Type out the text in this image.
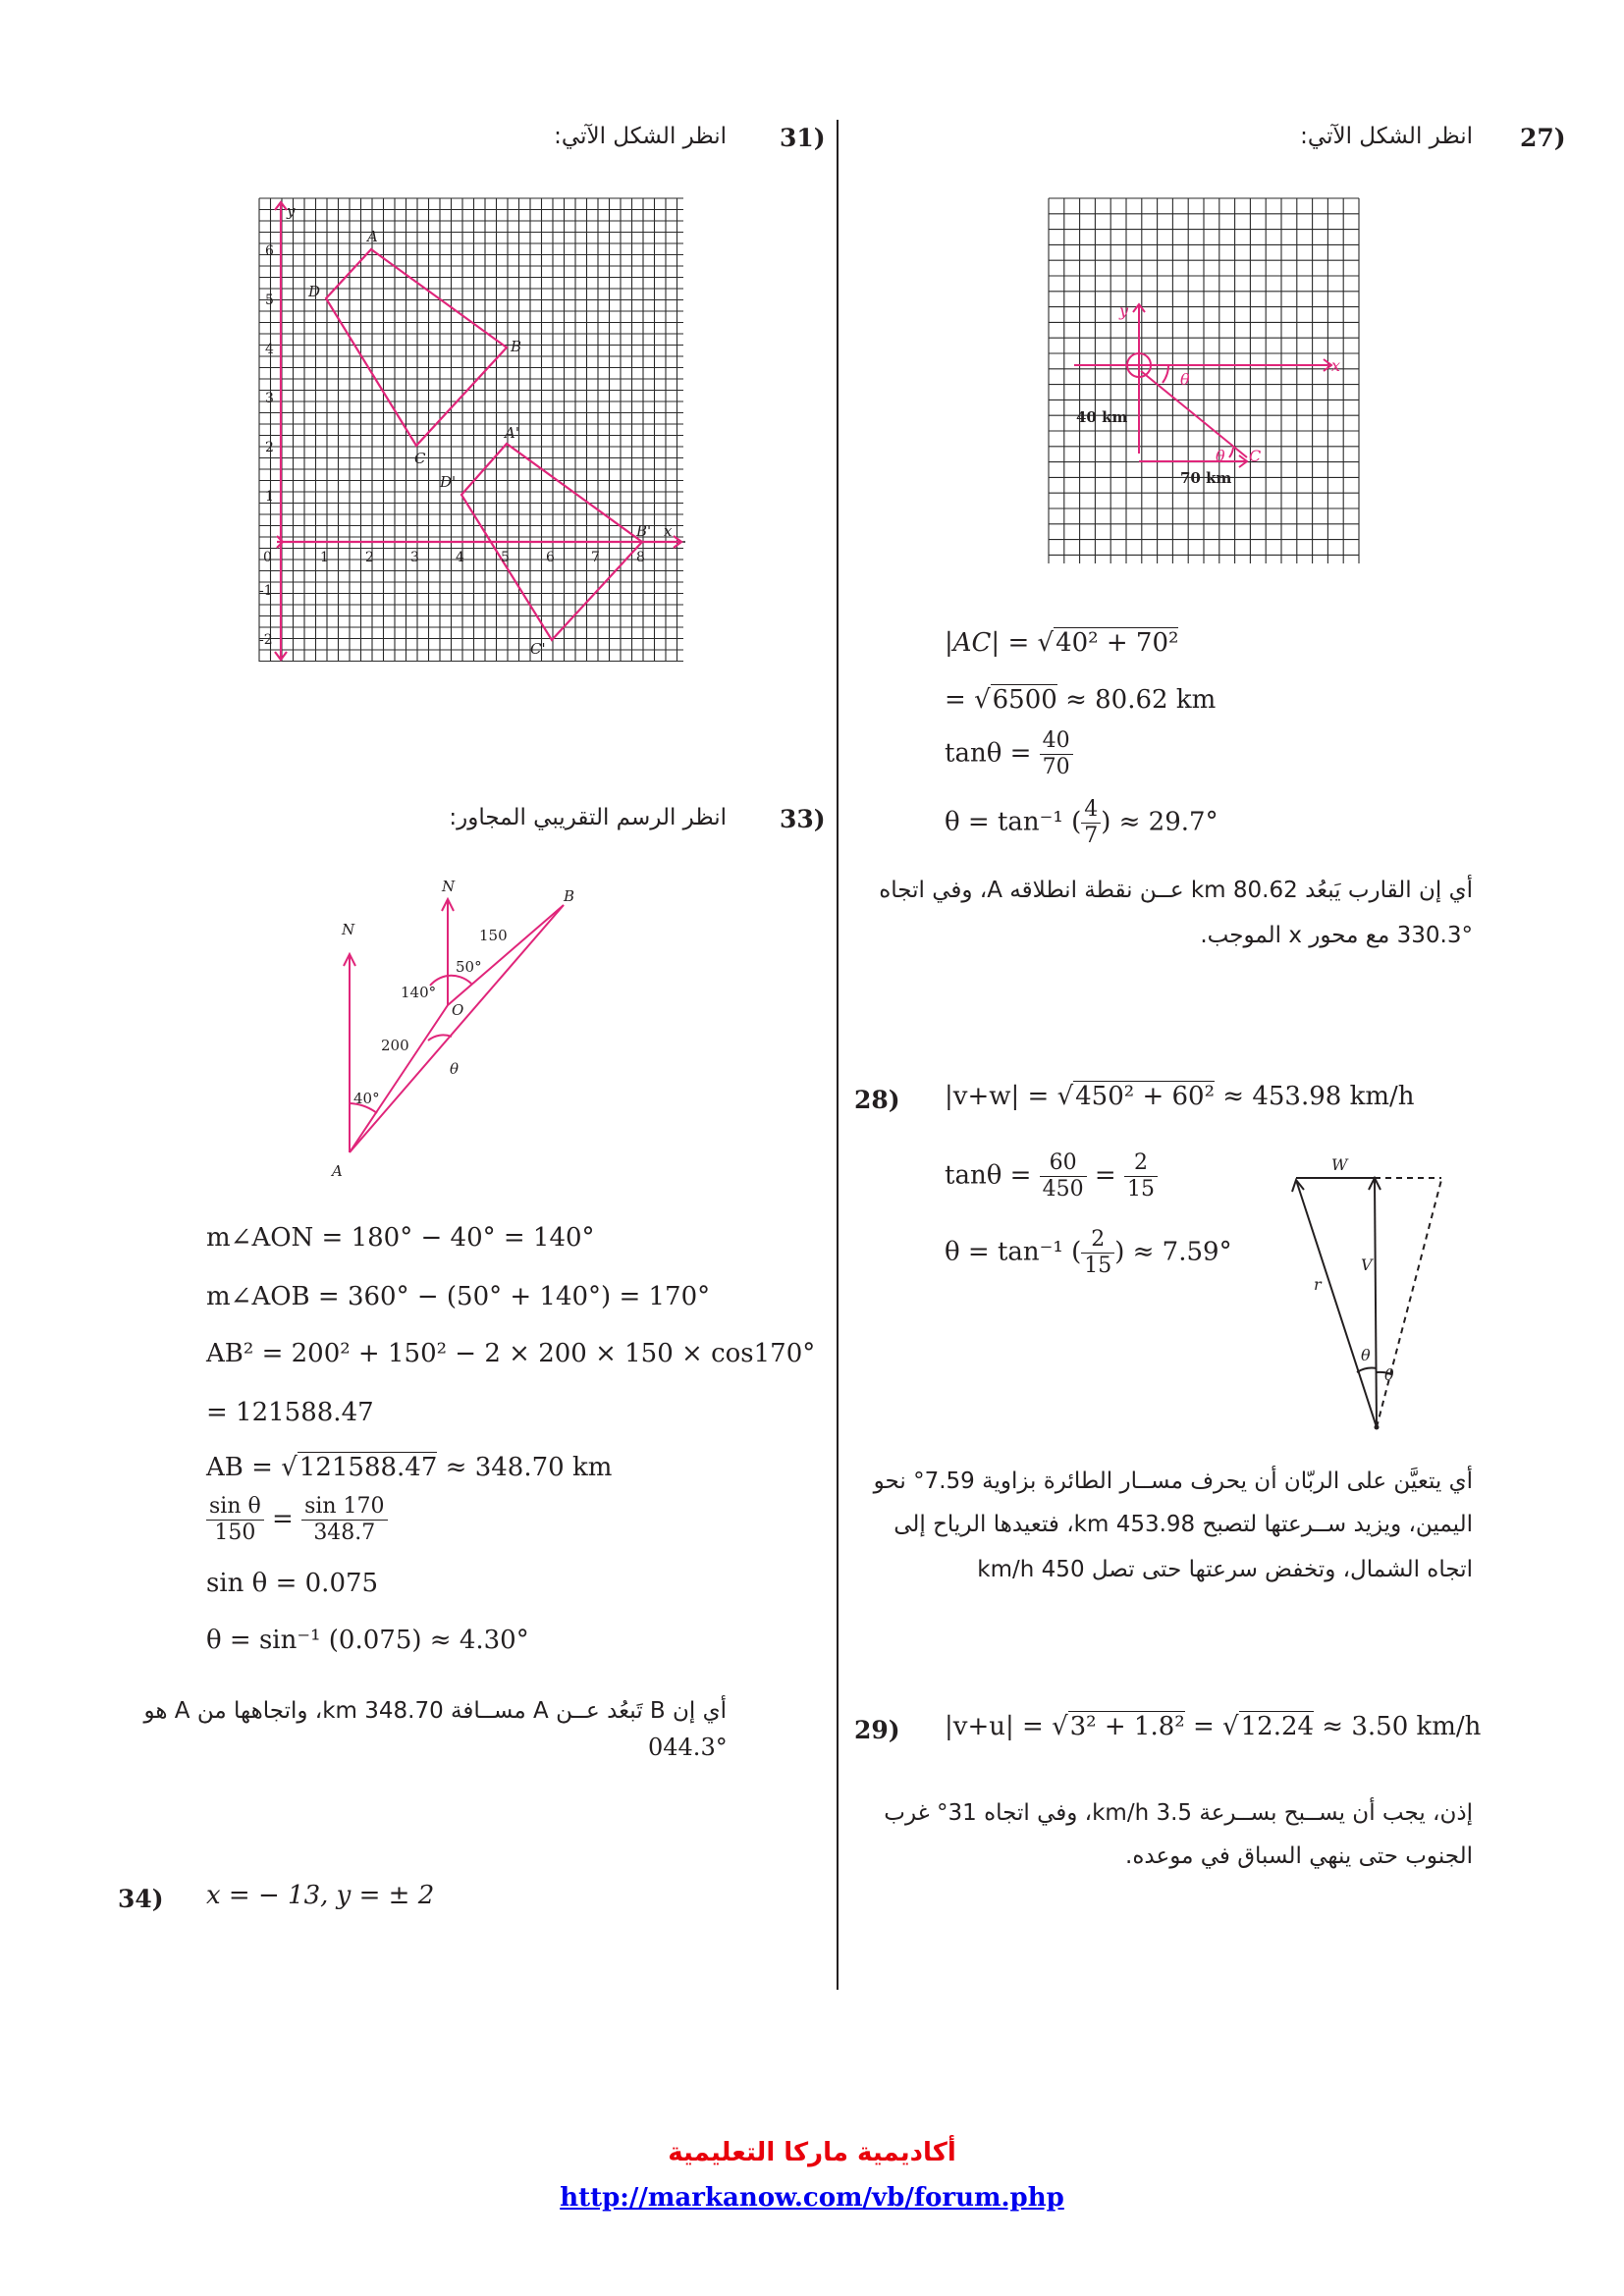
27)
انظر الشكل الآتي:
x
y
θ
C
θ
40 km
70 km
|AC| = √40² + 70²
= √6500 ≈ 80.62 km
$\tan\theta = \frac{40}{70}$
θ = tan⁻¹ ( $\frac{4}{7}$ ) ≈ 29.7°
أي إن القارب يَبعُد 80.62 km عــن نقطة انطلاقه A، وفي اتجاه
330.3° مع محور x الموجب.
28) |v+w| = √450² + 60² ≈ 453.98 km/h
$\tan\theta = \frac{60}{450} = \frac{2}{15}$
θ = tan⁻¹ ( $\frac{2}{15}$ ) ≈ 7.59°
W
V
r
θ
θ
أي يتعيَّن على الربّان أن يحرف مســار الطائرة بزاوية 7.59° نحو
اليمين، ويزيد ســرعتها لتصبح 453.98 km، فتعيدها الرياح إلى
اتجاه الشمال، وتخفض سرعتها حتى تصل 450 km/h
29) |v+u| = √3² + 1.8² = √12.24 ≈ 3.50 km/h
إذن، يجب أن يســبح بســرعة 3.5 km/h، وفي اتجاه 31° غرب
الجنوب حتى ينهي السباق في موعده.
31)
انظر الشكل الآتي:
6
5
4
3
2
1
-1
-2
0	1	2	3	4	5	6	7	8
y
x
A
D
B
C
A'
D'
B'
C'
33)
انظر الرسم التقريبي المجاور:
N
N
B
A
O
150
50°
140°
200
θ
40°
m∠AON = 180° − 40° = 140°
m∠AOB = 360° − (50° + 140°) = 170°
AB² = 200² + 150² − 2 × 200 × 150 × cos170°
= 121588.47
AB = √121588.47 ≈ 348.70 km
$\frac{\text{sin θ}}{150} = \frac{\sin 170}{348.7}$
sin θ = 0.075
θ = sin⁻¹ (0.075) ≈ 4.30°
أي إن B تَبعُد عــن A مســافة 348.70 km، واتجاهها من A هو
044.3°
34) x = − 13, y = ± 2
أكاديمية ماركا التعليمية
http://markanow.com/vb/forum.php
